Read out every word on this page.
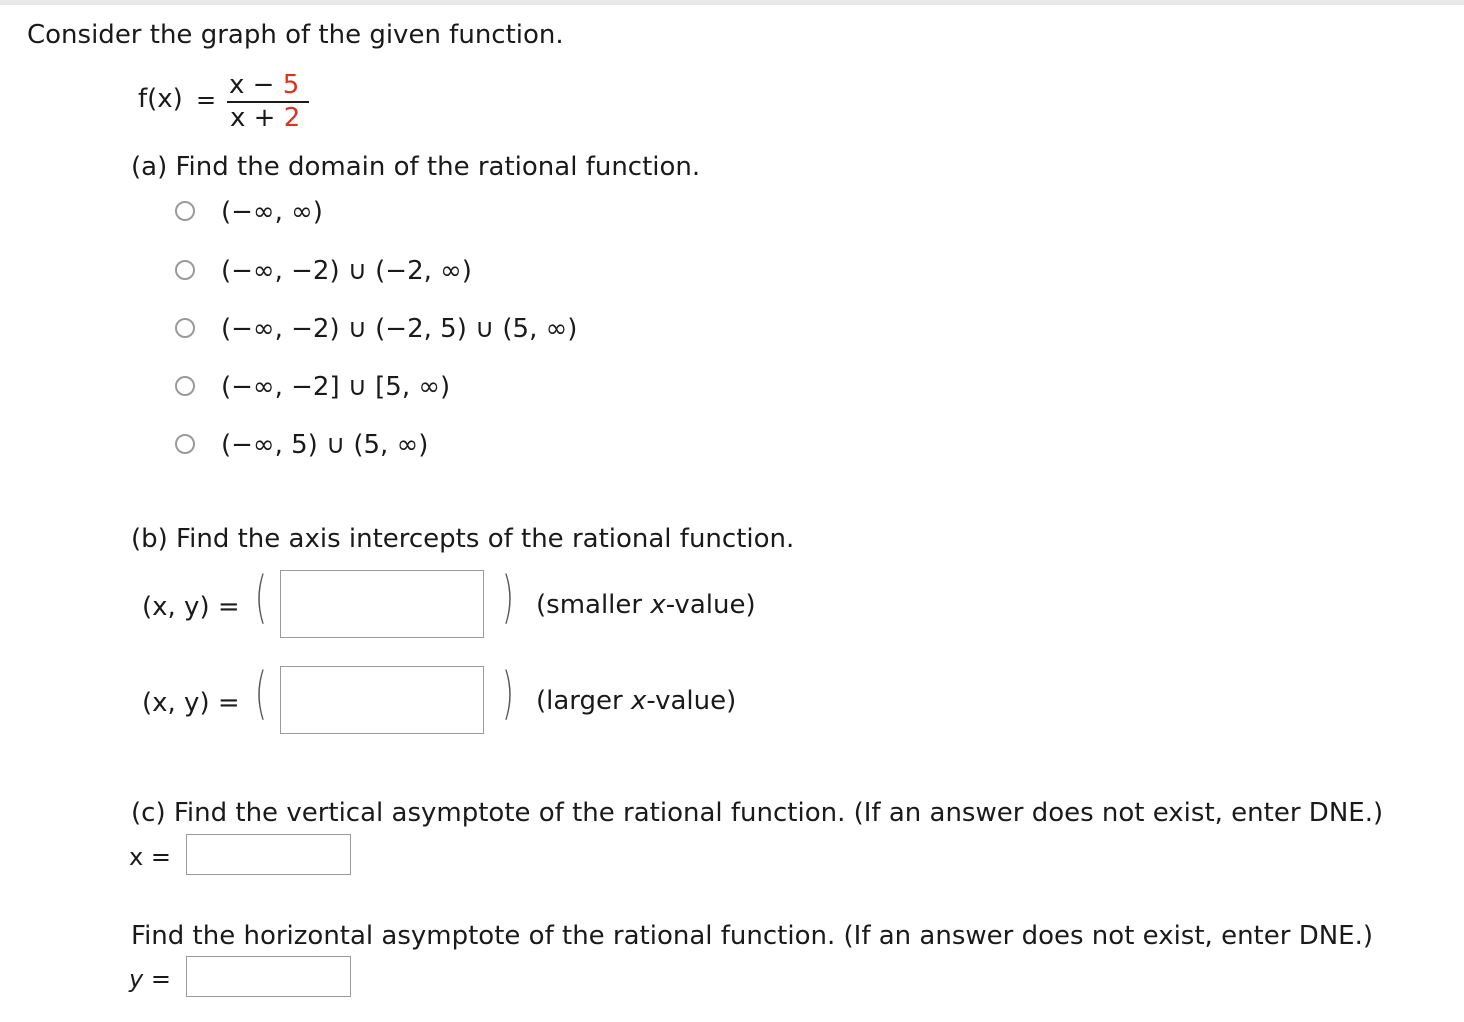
Consider the graph of the given function.
f(x) = x − 5
x + 2
(a) Find the domain of the rational function.
(−∞, ∞)
(−∞, −2) ∪ (−2, ∞)
(−∞, −2) ∪ (−2, 5) ∪ (5, ∞)
(−∞, −2] ∪ [5, ∞)
(−∞, 5) ∪ (5, ∞)
(b) Find the axis intercepts of the rational function.
(x, y) = (	) (smaller x-value)
(x, y) = (	) (larger x-value)
(c) Find the vertical asymptote of the rational function. (If an answer does not exist, enter DNE.)
x =
Find the horizontal asymptote of the rational function. (If an answer does not exist, enter DNE.)
y =
